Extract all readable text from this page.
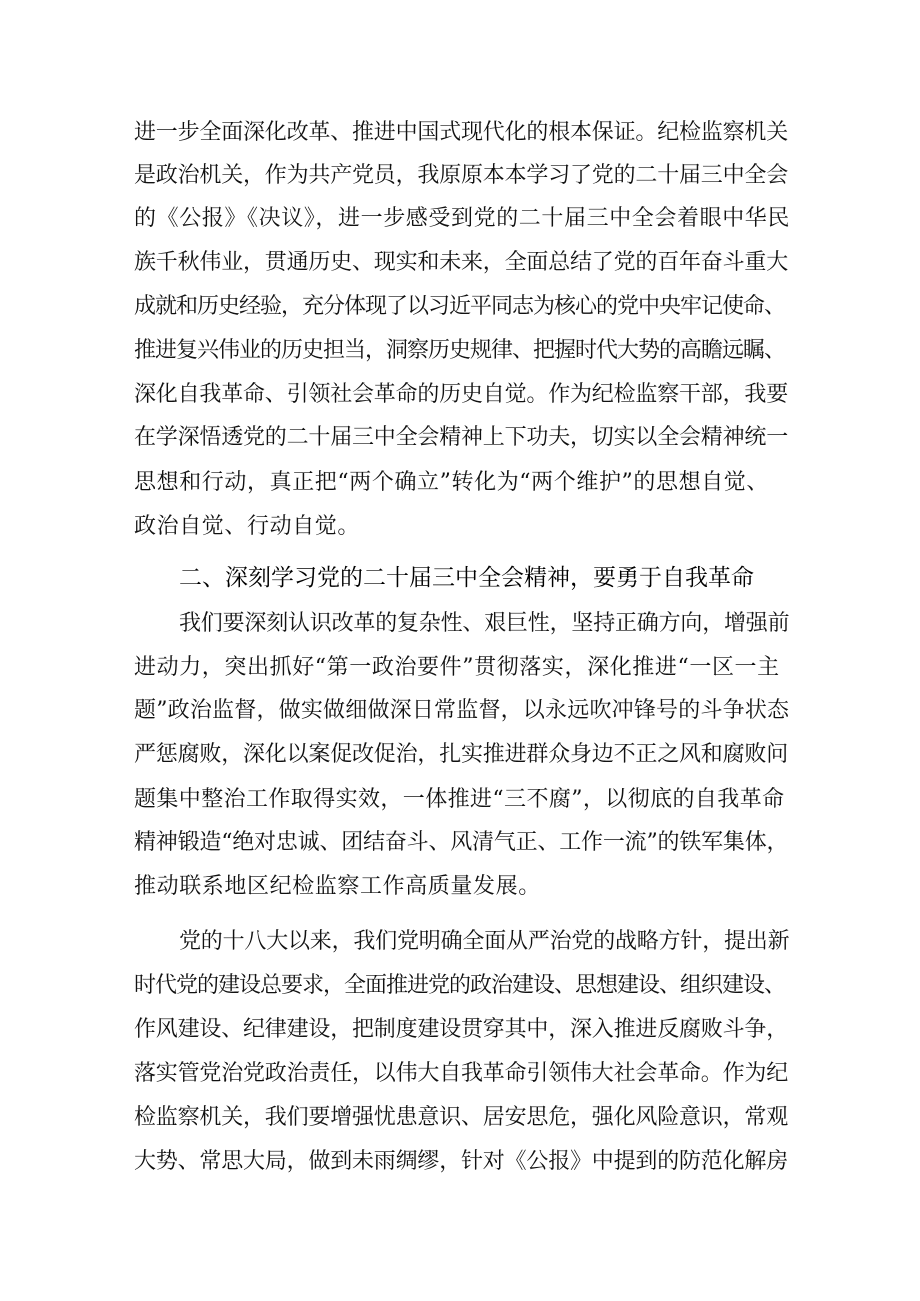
进一步全面深化改革、推进中国式现代化的根本保证。纪检监察机关
是政治机关，作为共产党员，我原原本本学习了党的二十届三中全会
的《公报》《决议》，进一步感受到党的二十届三中全会着眼中华民
族千秋伟业，贯通历史、现实和未来，全面总结了党的百年奋斗重大
成就和历史经验，充分体现了以习近平同志为核心的党中央牢记使命、
推进复兴伟业的历史担当，洞察历史规律、把握时代大势的高瞻远瞩、
深化自我革命、引领社会革命的历史自觉。作为纪检监察干部，我要
在学深悟透党的二十届三中全会精神上下功夫，切实以全会精神统一
思想和行动，真正把“两个确立”转化为“两个维护”的思想自觉、
政治自觉、行动自觉。
二、深刻学习党的二十届三中全会精神，要勇于自我革命
我们要深刻认识改革的复杂性、艰巨性，坚持正确方向，增强前
进动力，突出抓好“第一政治要件”贯彻落实，深化推进“一区一主
题”政治监督，做实做细做深日常监督，以永远吹冲锋号的斗争状态
严惩腐败，深化以案促改促治，扎实推进群众身边不正之风和腐败问
题集中整治工作取得实效，一体推进“三不腐”，以彻底的自我革命
精神锻造“绝对忠诚、团结奋斗、风清气正、工作一流”的铁军集体，
推动联系地区纪检监察工作高质量发展。
党的十八大以来，我们党明确全面从严治党的战略方针，提出新
时代党的建设总要求，全面推进党的政治建设、思想建设、组织建设、
作风建设、纪律建设，把制度建设贯穿其中，深入推进反腐败斗争，
落实管党治党政治责任，以伟大自我革命引领伟大社会革命。作为纪
检监察机关，我们要增强忧患意识、居安思危，强化风险意识，常观
大势、常思大局，做到未雨绸缪，针对《公报》中提到的防范化解房
